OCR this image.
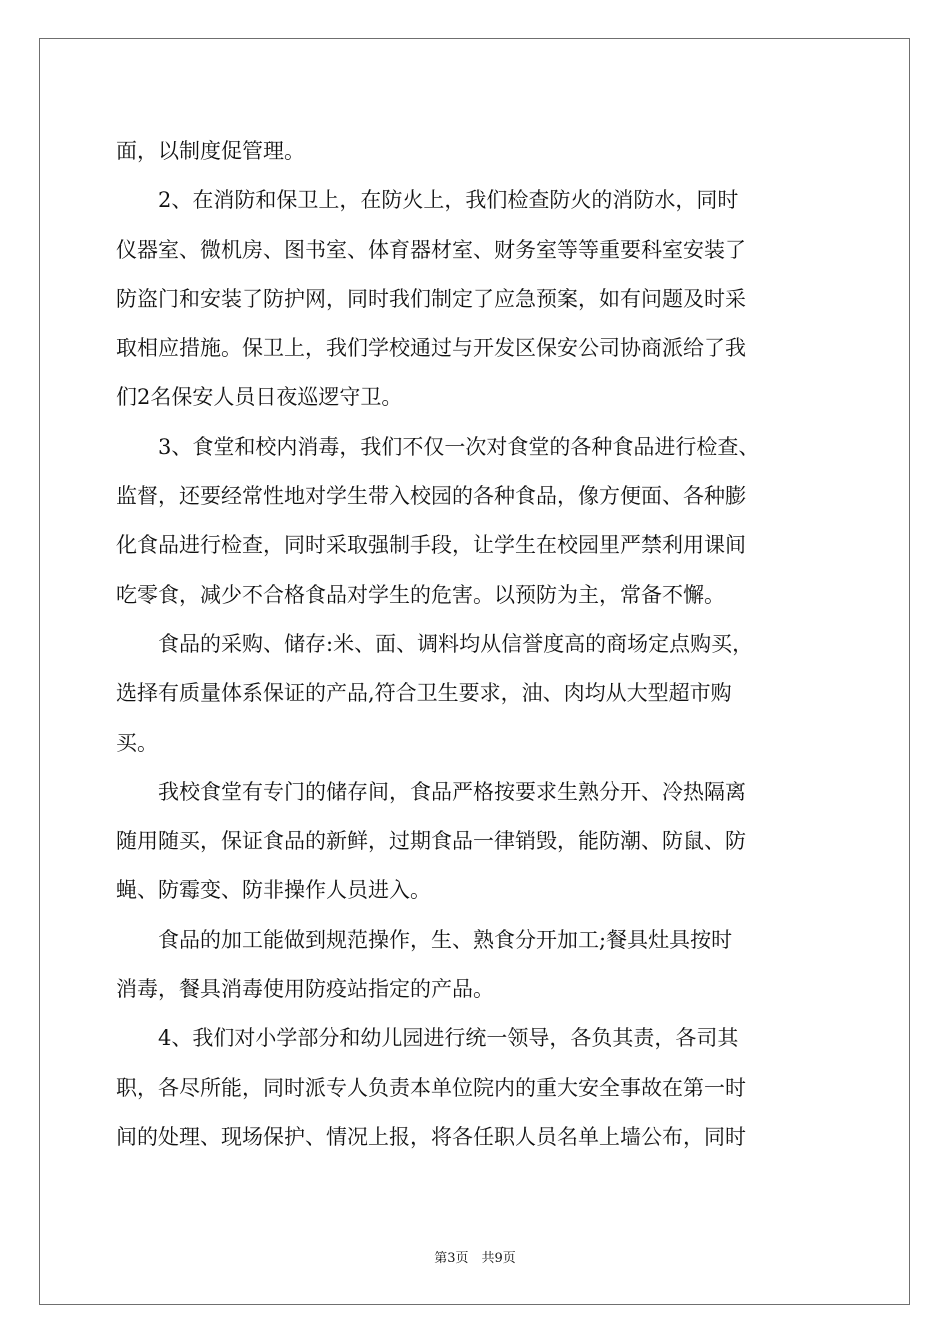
面，以制度促管理。
　　2、在消防和保卫上，在防火上，我们检查防火的消防水，同时
仪器室、微机房、图书室、体育器材室、财务室等等重要科室安装了
防盗门和安装了防护网，同时我们制定了应急预案，如有问题及时采
取相应措施。保卫上，我们学校通过与开发区保安公司协商派给了我
们2名保安人员日夜巡逻守卫。
　　3、食堂和校内消毒，我们不仅一次对食堂的各种食品进行检查、
监督，还要经常性地对学生带入校园的各种食品，像方便面、各种膨
化食品进行检查，同时采取强制手段，让学生在校园里严禁利用课间
吃零食，减少不合格食品对学生的危害。以预防为主，常备不懈。
　　食品的采购、储存:米、面、调料均从信誉度高的商场定点购买，
选择有质量体系保证的产品,符合卫生要求，油、肉均从大型超市购
买。
　　我校食堂有专门的储存间，食品严格按要求生熟分开、冷热隔离
随用随买，保证食品的新鲜，过期食品一律销毁，能防潮、防鼠、防
蝇、防霉变、防非操作人员进入。
　　食品的加工能做到规范操作，生、熟食分开加工;餐具灶具按时
消毒，餐具消毒使用防疫站指定的产品。
　　4、我们对小学部分和幼儿园进行统一领导，各负其责，各司其
职，各尽所能，同时派专人负责本单位院内的重大安全事故在第一时
间的处理、现场保护、情况上报，将各任职人员名单上墙公布，同时
第3页　共9页
